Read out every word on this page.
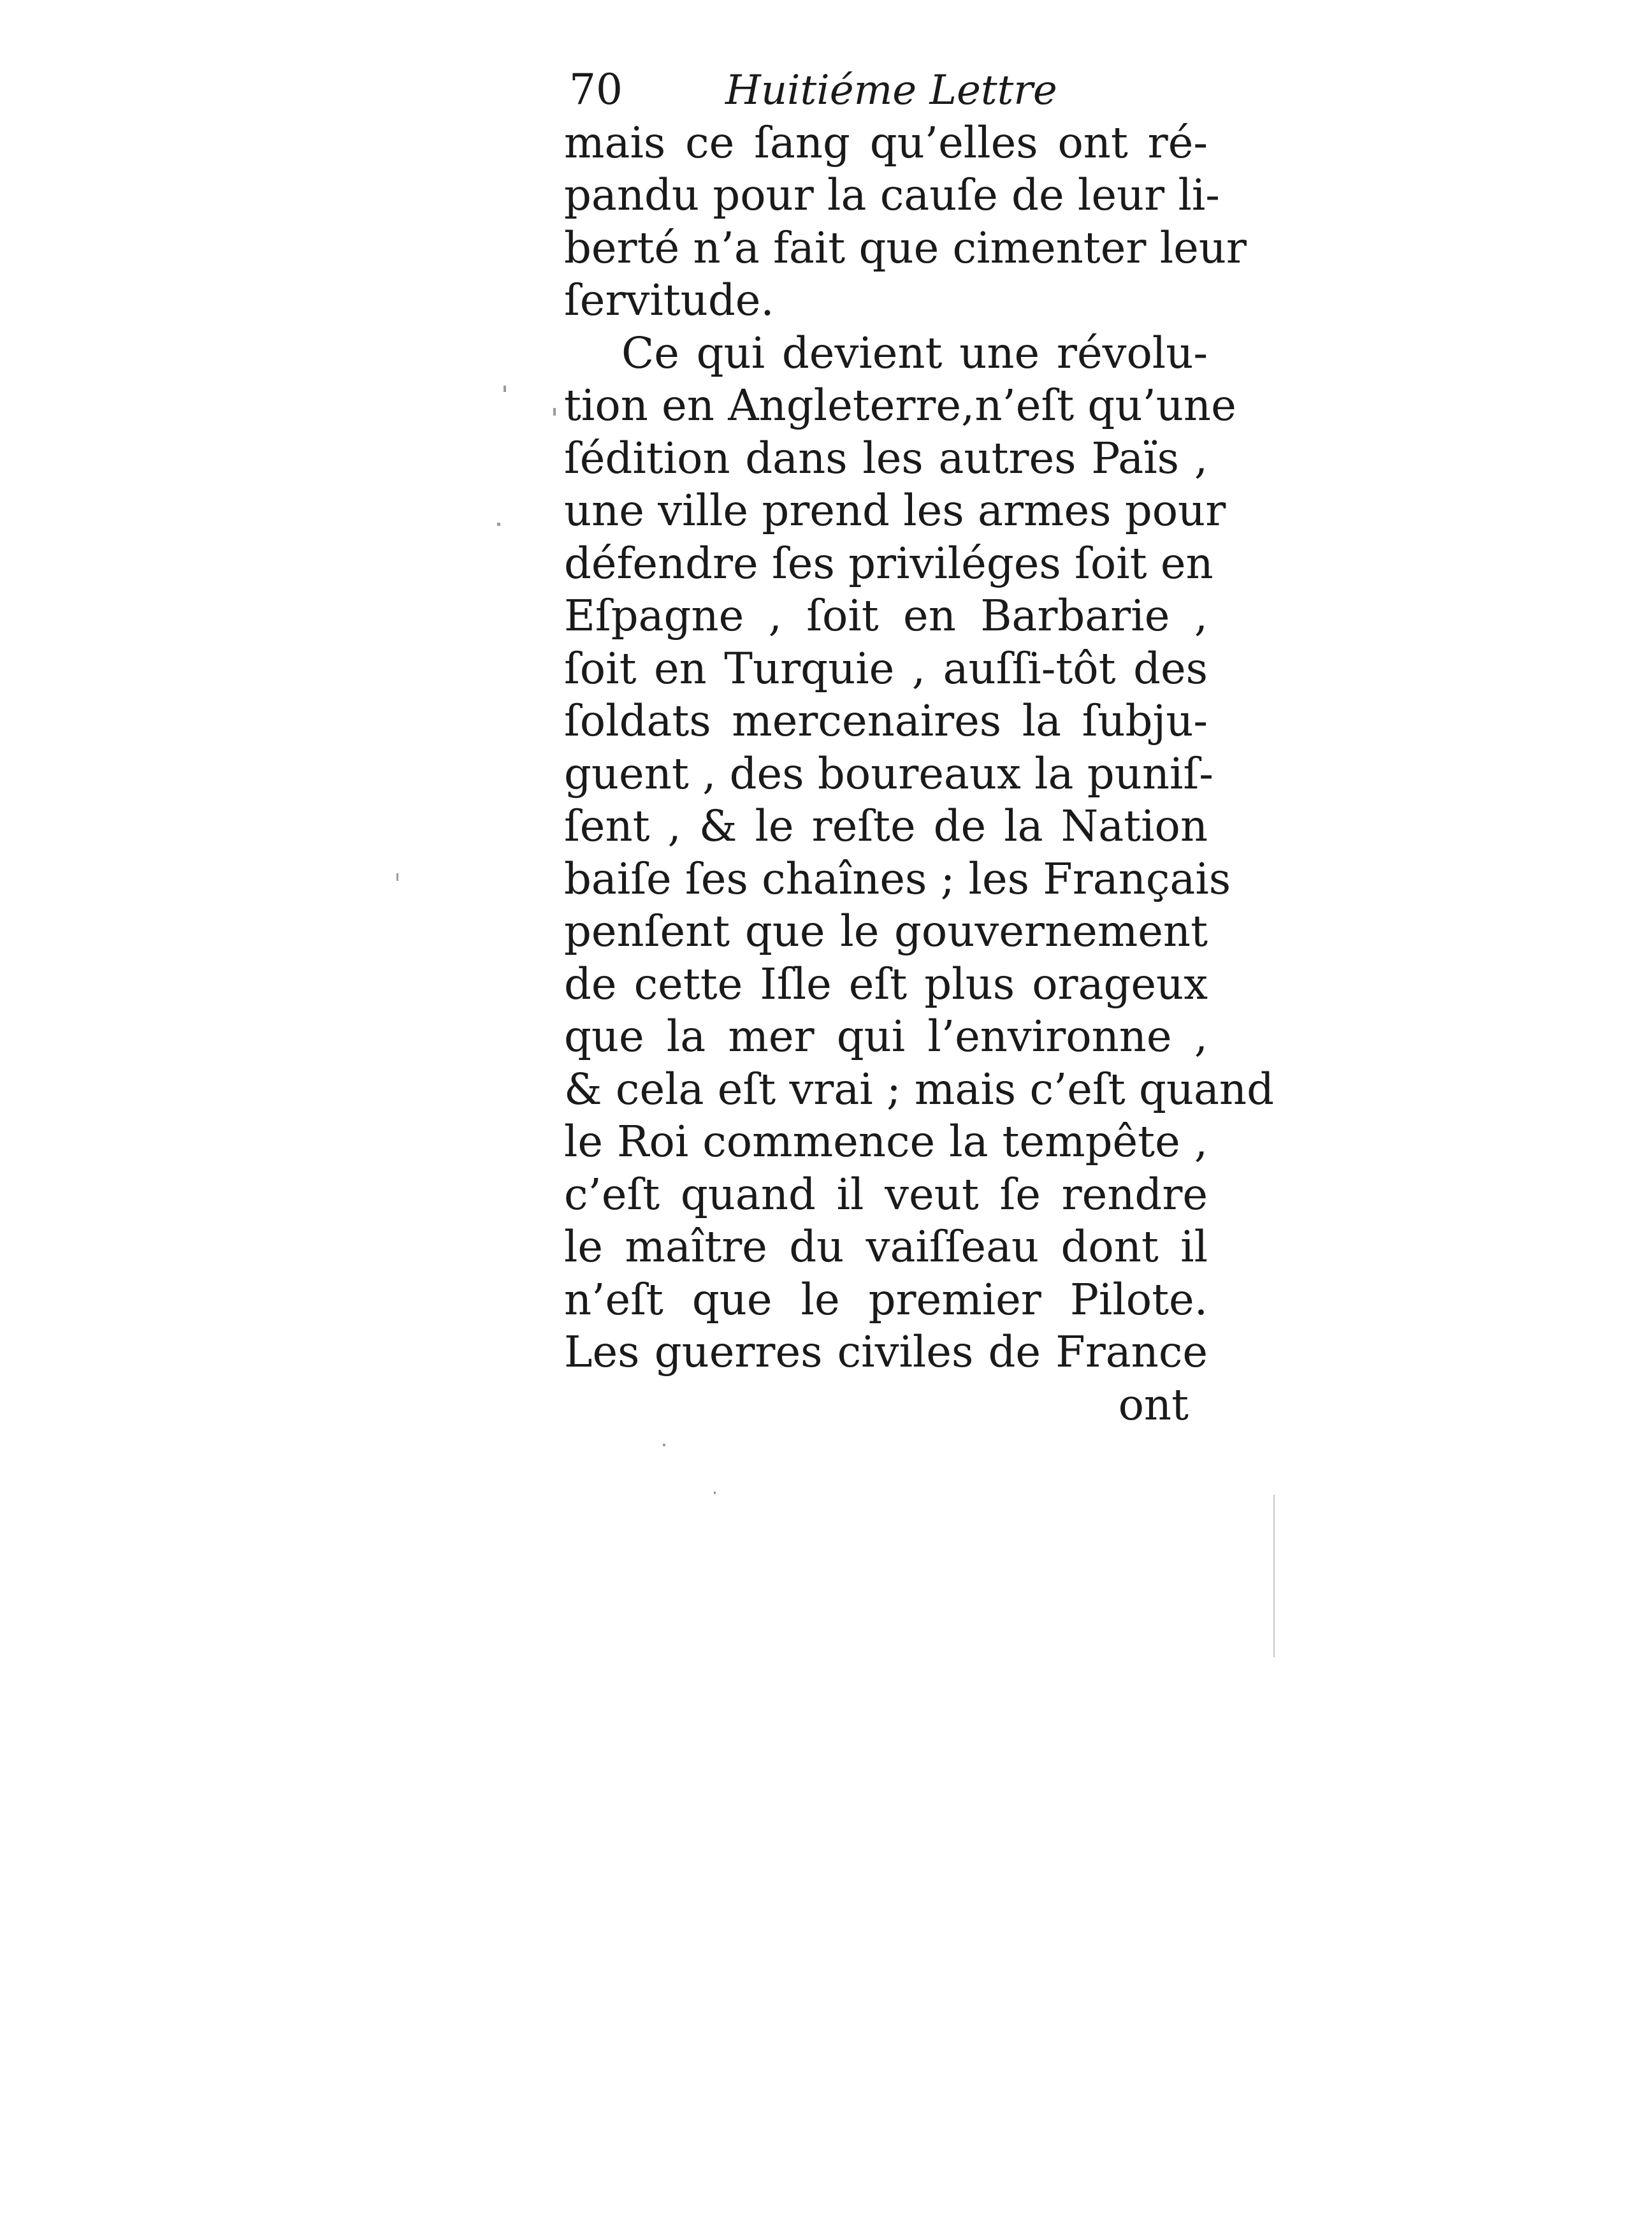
70	Huitiéme Lettre
mais ce ſang qu’elles ont ré-
pandu pour la cauſe de leur li-
berté n’a fait que cimenter leur
ſervitude.
Ce qui devient une révolu-
tion en Angleterre,n’eſt qu’une
ſédition dans les autres Païs ,
une ville prend les armes pour
défendre ſes priviléges ſoit en
Eſpagne , ſoit en Barbarie ,
ſoit en Turquie , auſſi-tôt des
ſoldats mercenaires la ſubju-
guent , des boureaux la puniſ-
ſent , & le reſte de la Nation
baiſe ſes chaînes ; les Français
penſent que le gouvernement
de cette Iſle eſt plus orageux
que la mer qui l’environne ,
& cela eſt vrai ; mais c’eſt quand
le Roi commence la tempête ,
c’eſt quand il veut ſe rendre
le maître du vaiſſeau dont il
n’eſt que le premier Pilote.
Les guerres civiles de France
ont
